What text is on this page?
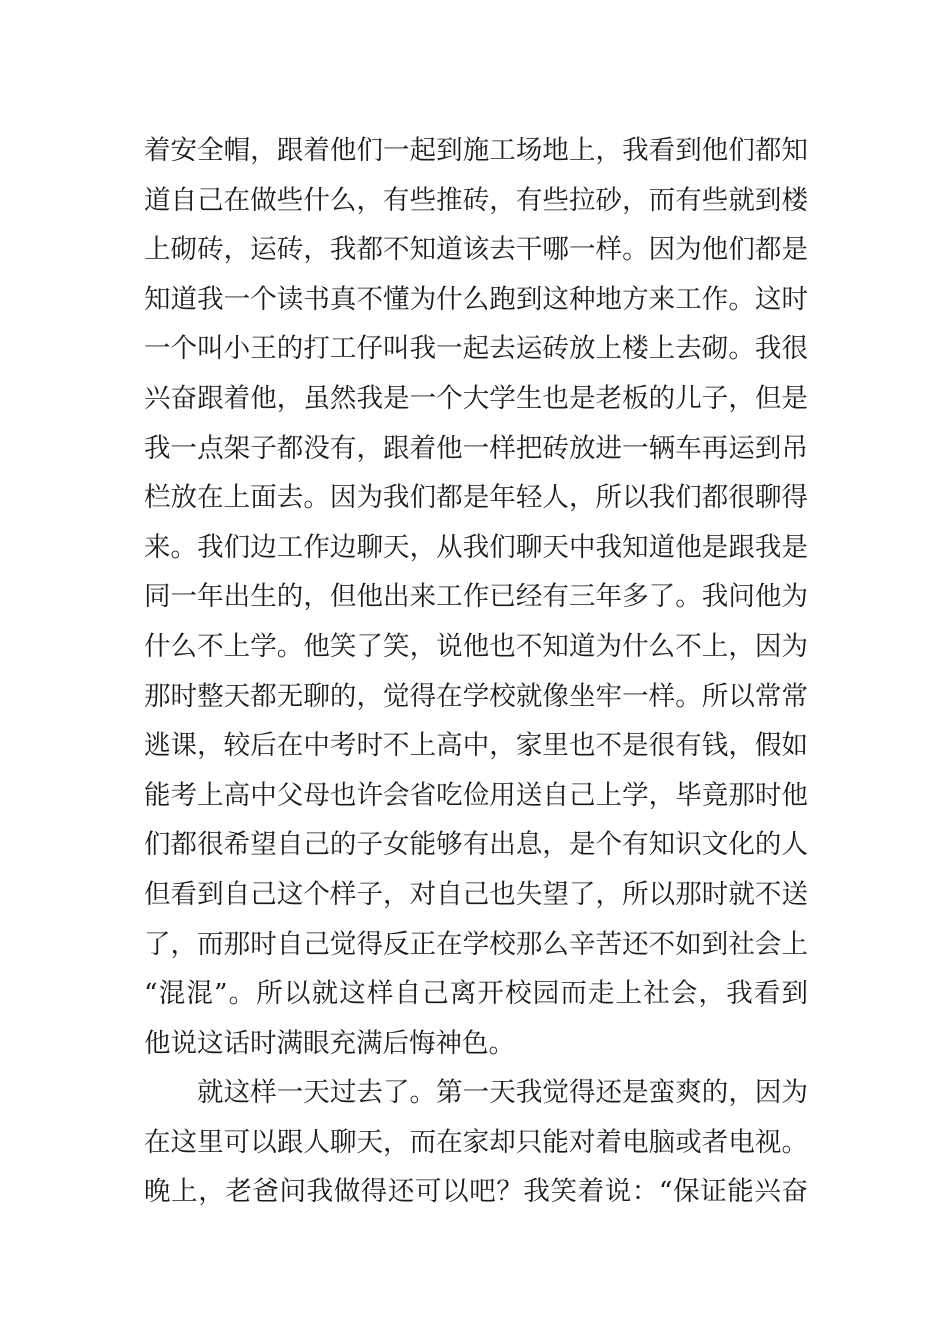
着安全帽，跟着他们一起到施工场地上，我看到他们都知
道自己在做些什么，有些推砖，有些拉砂，而有些就到楼
上砌砖，运砖，我都不知道该去干哪一样。因为他们都是
知道我一个读书真不懂为什么跑到这种地方来工作。这时
一个叫小王的打工仔叫我一起去运砖放上楼上去砌。我很
兴奋跟着他，虽然我是一个大学生也是老板的儿子，但是
我一点架子都没有，跟着他一样把砖放进一辆车再运到吊
栏放在上面去。因为我们都是年轻人，所以我们都很聊得
来。我们边工作边聊天，从我们聊天中我知道他是跟我是
同一年出生的，但他出来工作已经有三年多了。我问他为
什么不上学。他笑了笑，说他也不知道为什么不上，因为
那时整天都无聊的，觉得在学校就像坐牢一样。所以常常
逃课，较后在中考时不上高中，家里也不是很有钱，假如
能考上高中父母也许会省吃俭用送自己上学，毕竟那时他
们都很希望自己的子女能够有出息，是个有知识文化的人
但看到自己这个样子，对自己也失望了，所以那时就不送
了，而那时自己觉得反正在学校那么辛苦还不如到社会上
“混混”。所以就这样自己离开校园而走上社会，我看到
他说这话时满眼充满后悔神色。
就这样一天过去了。第一天我觉得还是蛮爽的，因为
在这里可以跟人聊天，而在家却只能对着电脑或者电视。
晚上，老爸问我做得还可以吧？我笑着说：“保证能兴奋
